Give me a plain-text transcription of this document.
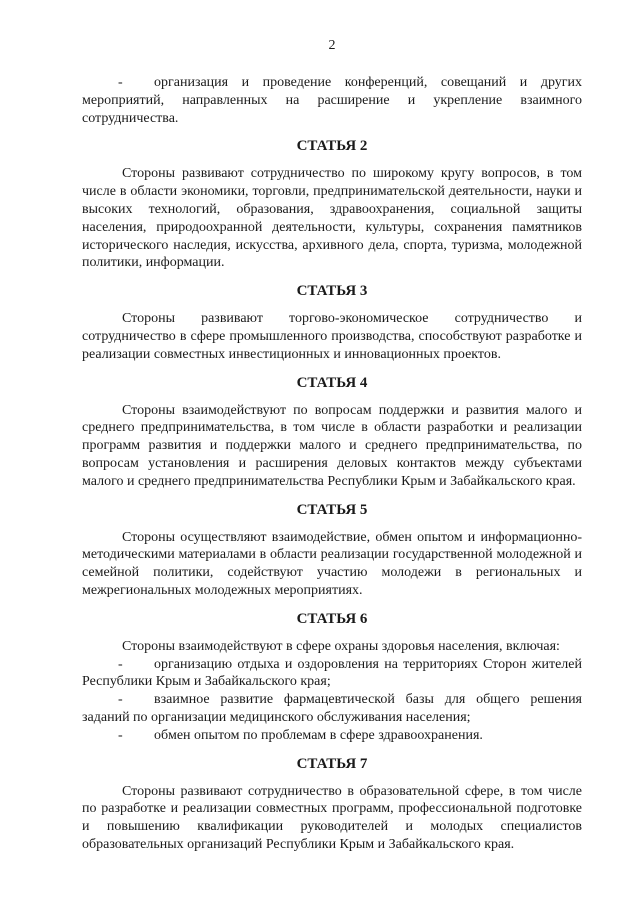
2

- организация и проведение конференций, совещаний и других мероприятий, направленных на расширение и укрепление взаимного сотрудничества.

СТАТЬЯ 2

Стороны развивают сотрудничество по широкому кругу вопросов, в том числе в области экономики, торговли, предпринимательской деятельности, науки и высоких технологий, образования, здравоохранения, социальной защиты населения, природоохранной деятельности, культуры, сохранения памятников исторического наследия, искусства, архивного дела, спорта, туризма, молодежной политики, информации.

СТАТЬЯ 3

Стороны развивают торгово-экономическое сотрудничество и сотрудничество в сфере промышленного производства, способствуют разработке и реализации совместных инвестиционных и инновационных проектов.

СТАТЬЯ 4

Стороны взаимодействуют по вопросам поддержки и развития малого и среднего предпринимательства, в том числе в области разработки и реализации программ развития и поддержки малого и среднего предпринимательства, по вопросам установления и расширения деловых контактов между субъектами малого и среднего предпринимательства Республики Крым и Забайкальского края.

СТАТЬЯ 5

Стороны осуществляют взаимодействие, обмен опытом и информационно-методическими материалами в области реализации государственной молодежной и семейной политики, содействуют участию молодежи в региональных и межрегиональных молодежных мероприятиях.

СТАТЬЯ 6

Стороны взаимодействуют в сфере охраны здоровья населения, включая:

- организацию отдыха и оздоровления на территориях Сторон жителей Республики Крым и Забайкальского края;

- взаимное развитие фармацевтической базы для общего решения заданий по организации медицинского обслуживания населения;

- обмен опытом по проблемам в сфере здравоохранения.

СТАТЬЯ 7

Стороны развивают сотрудничество в образовательной сфере, в том числе по разработке и реализации совместных программ, профессиональной подготовке и повышению квалификации руководителей и молодых специалистов образовательных организаций Республики Крым и Забайкальского края.
